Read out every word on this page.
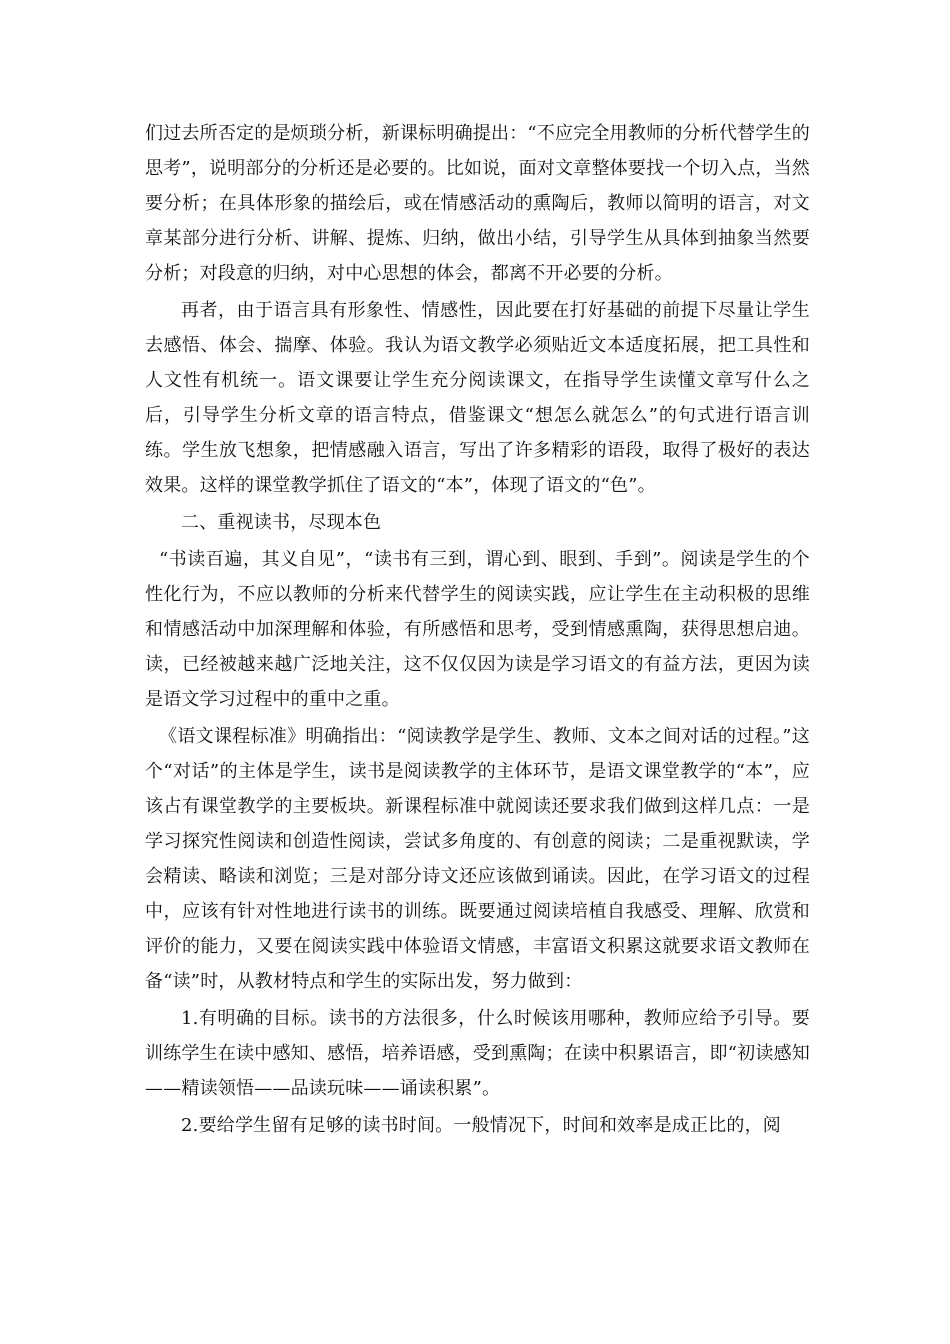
们过去所否定的是烦琐分析，新课标明确提出：“不应完全用教师的分析代替学生的思考”，说明部分的分析还是必要的。比如说，面对文章整体要找一个切入点，当然要分析；在具体形象的描绘后，或在情感活动的熏陶后，教师以简明的语言，对文章某部分进行分析、讲解、提炼、归纳，做出小结，引导学生从具体到抽象当然要分析；对段意的归纳，对中心思想的体会，都离不开必要的分析。

再者，由于语言具有形象性、情感性，因此要在打好基础的前提下尽量让学生去感悟、体会、揣摩、体验。我认为语文教学必须贴近文本适度拓展，把工具性和人文性有机统一。语文课要让学生充分阅读课文，在指导学生读懂文章写什么之后，引导学生分析文章的语言特点，借鉴课文“想怎么就怎么”的句式进行语言训练。学生放飞想象，把情感融入语言，写出了许多精彩的语段，取得了极好的表达效果。这样的课堂教学抓住了语文的“本”，体现了语文的“色”。

二、重视读书，尽现本色

“书读百遍，其义自见”，“读书有三到，谓心到、眼到、手到”。阅读是学生的个性化行为，不应以教师的分析来代替学生的阅读实践，应让学生在主动积极的思维和情感活动中加深理解和体验，有所感悟和思考，受到情感熏陶，获得思想启迪。读，已经被越来越广泛地关注，这不仅仅因为读是学习语文的有益方法，更因为读是语文学习过程中的重中之重。

《语文课程标准》明确指出：“阅读教学是学生、教师、文本之间对话的过程。”这个“对话”的主体是学生，读书是阅读教学的主体环节，是语文课堂教学的“本”，应该占有课堂教学的主要板块。新课程标准中就阅读还要求我们做到这样几点：一是学习探究性阅读和创造性阅读，尝试多角度的、有创意的阅读；二是重视默读，学会精读、略读和浏览；三是对部分诗文还应该做到诵读。因此，在学习语文的过程中，应该有针对性地进行读书的训练。既要通过阅读培植自我感受、理解、欣赏和评价的能力，又要在阅读实践中体验语文情感，丰富语文积累这就要求语文教师在备“读”时，从教材特点和学生的实际出发，努力做到：

1.有明确的目标。读书的方法很多，什么时候该用哪种，教师应给予引导。要训练学生在读中感知、感悟，培养语感，受到熏陶；在读中积累语言，即“初读感知——精读领悟——品读玩味——诵读积累”。

2.要给学生留有足够的读书时间。一般情况下，时间和效率是成正比的，阅
